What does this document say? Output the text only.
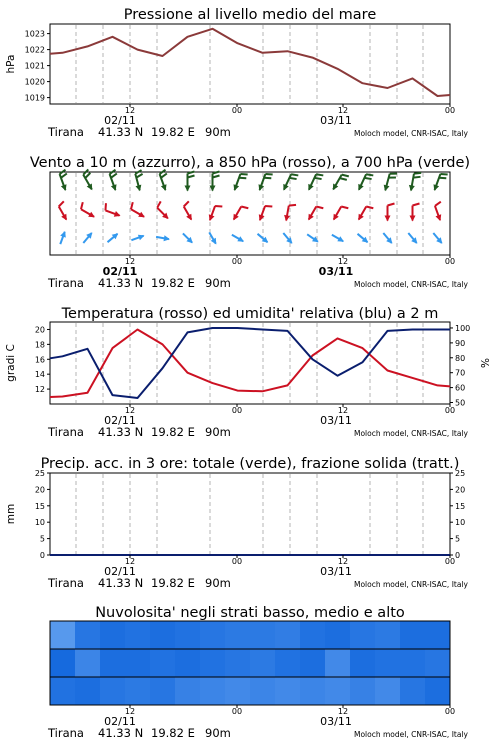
Pressione al livello medio del mare
1019
1020
1021
1022
1023
hPa
12	00	12	00
02/11	03/11
Tirana 41.33 N 19.82 E 90m	Moloch model, CNR-ISAC, Italy
Vento a 10 m (azzurro), a 850 hPa (rosso), a 700 hPa (verde)
12	00	12	00
02/11	03/11
Tirana 41.33 N 19.82 E 90m	Moloch model, CNR-ISAC, Italy
Temperatura (rosso) ed umidita' relativa (blu) a 2 m
12
14
16
18
20
50
60
70
80
90
100
gradi C	%
12	00	12	00
02/11	03/11
Tirana 41.33 N 19.82 E 90m	Moloch model, CNR-ISAC, Italy
Precip. acc. in 3 ore: totale (verde), frazione solida (tratt.)
0
5
10
15
20
25
0
5
10
15
20
25
mm
12	00	12	00
02/11	03/11
Tirana 41.33 N 19.82 E 90m	Moloch model, CNR-ISAC, Italy
Nuvolosita' negli strati basso, medio e alto
12	00	12	00
02/11	03/11
Tirana 41.33 N 19.82 E 90m	Moloch model, CNR-ISAC, Italy
